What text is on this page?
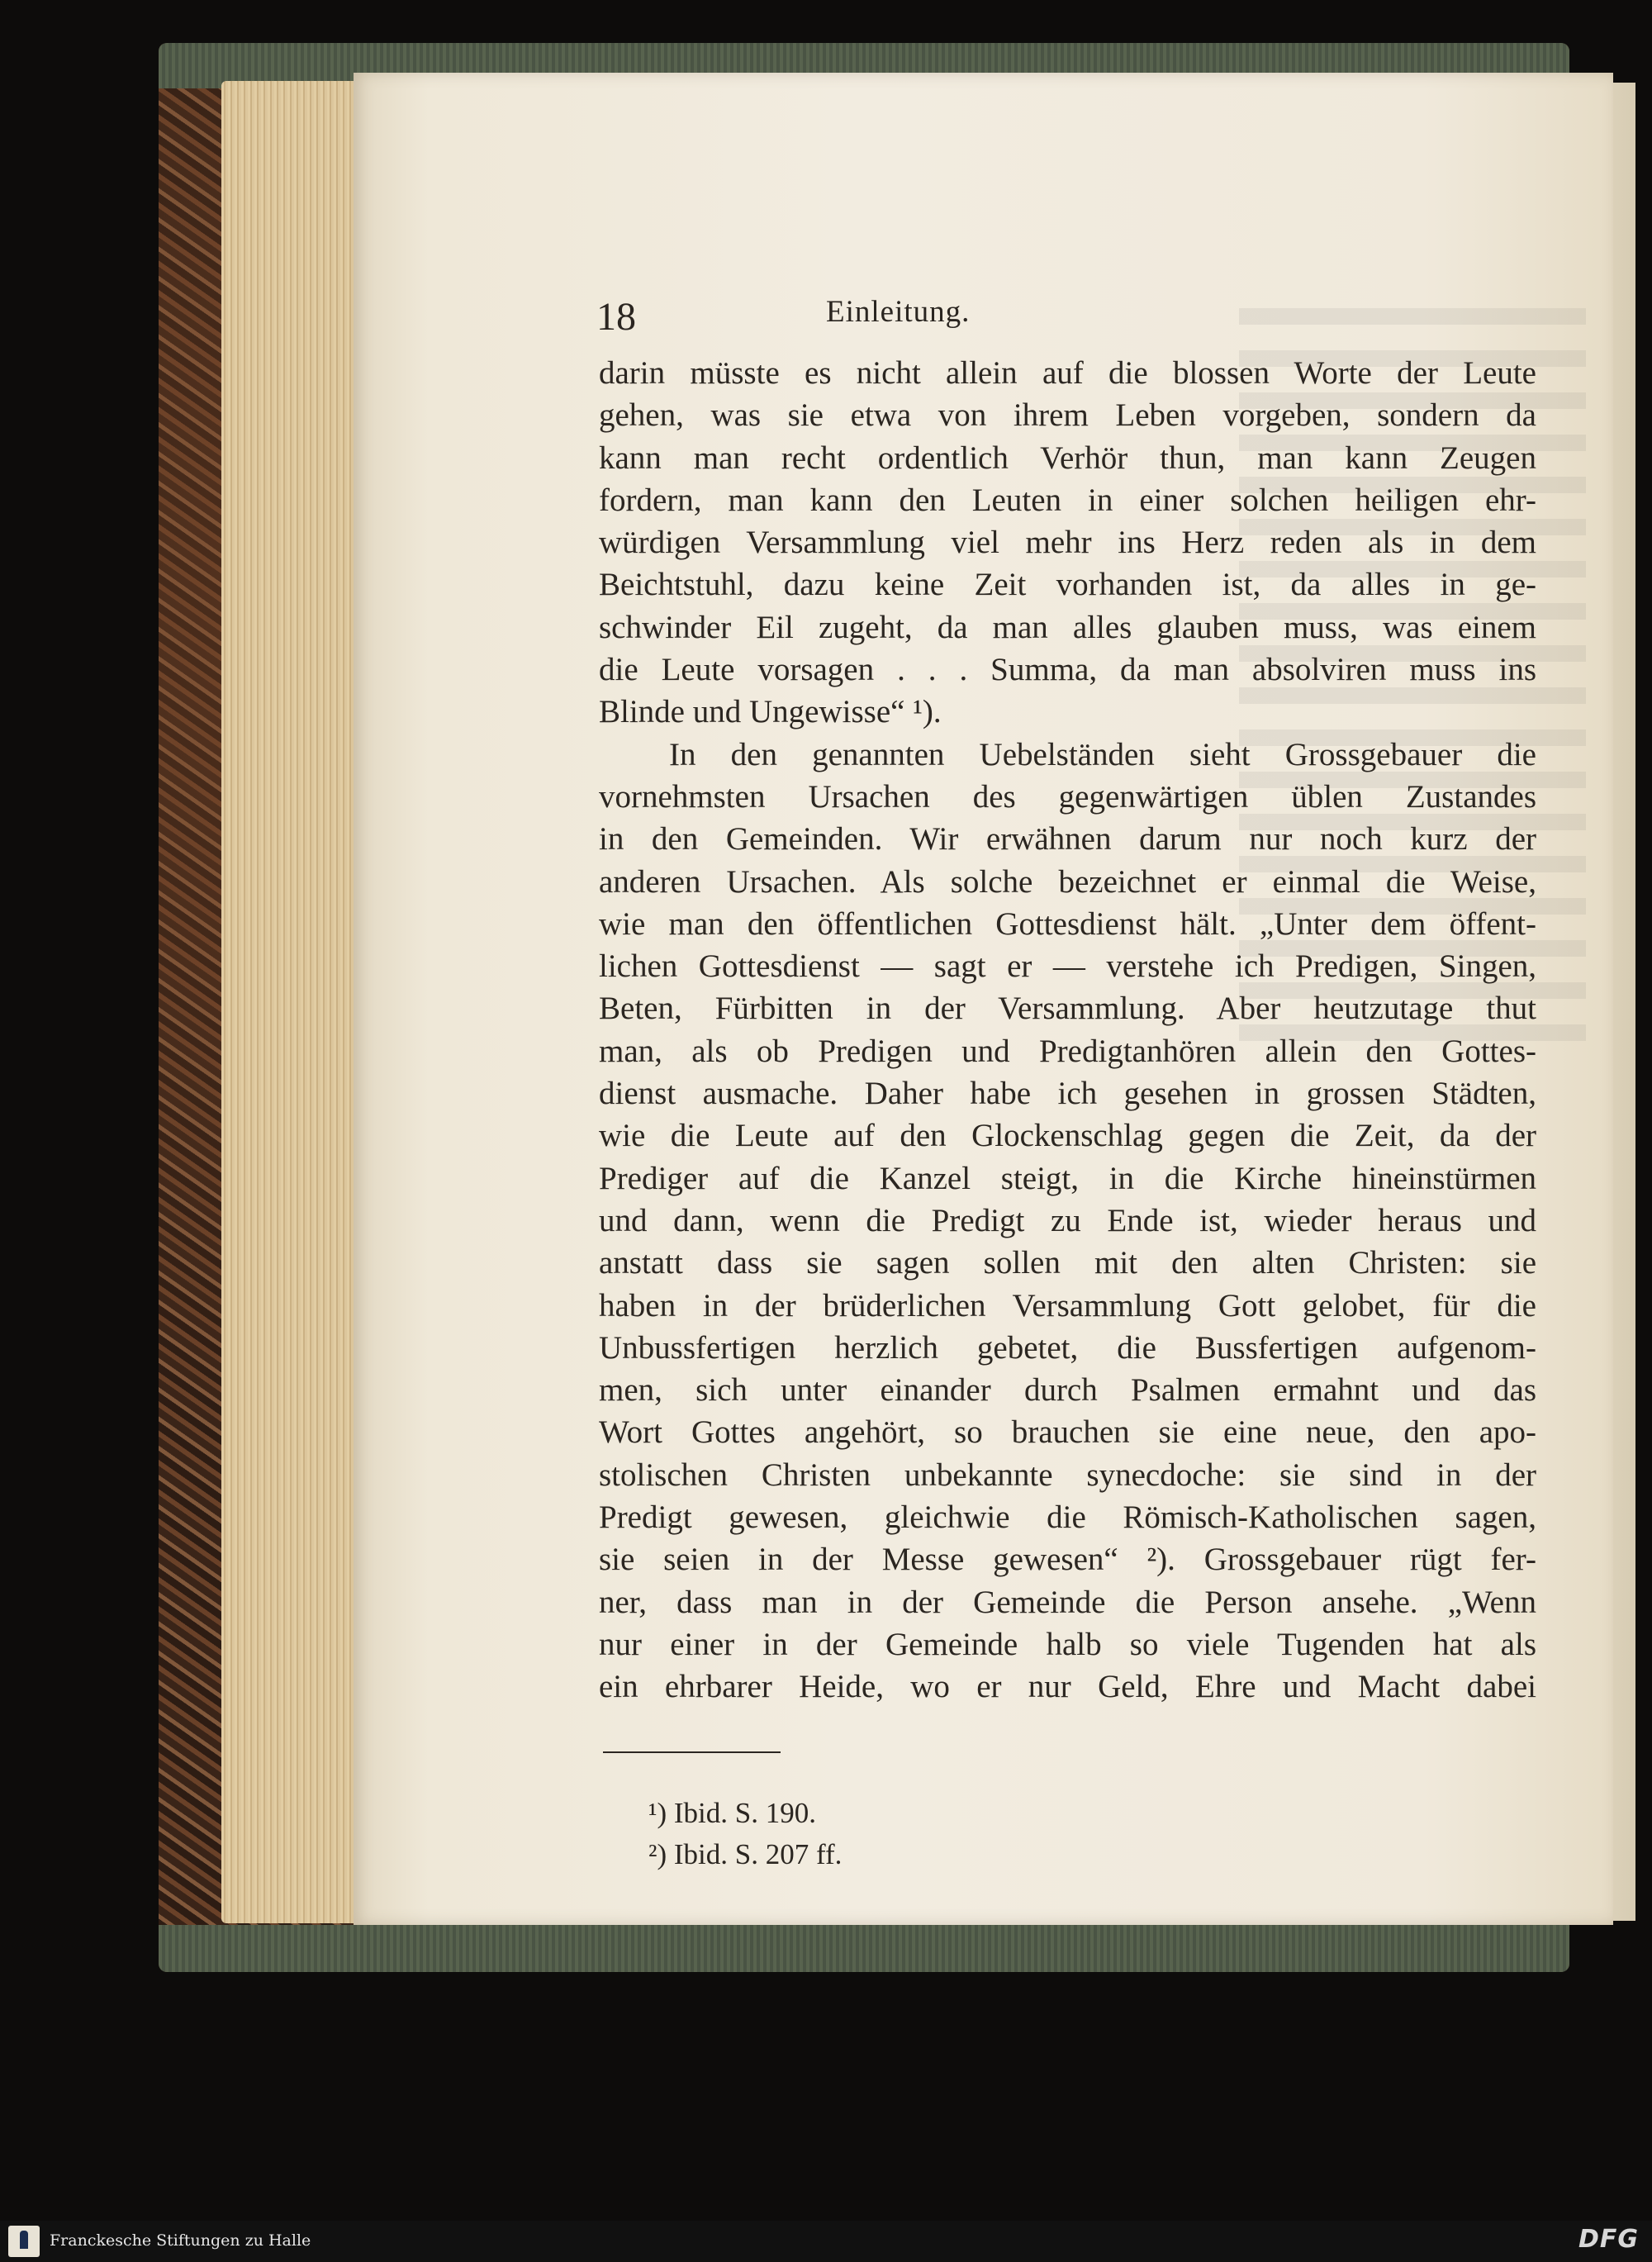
18	Einleitung.
darin müsste es nicht allein auf die blossen Worte der Leute
gehen, was sie etwa von ihrem Leben vorgeben, sondern da
kann man recht ordentlich Verhör thun, man kann Zeugen
fordern, man kann den Leuten in einer solchen heiligen ehr-
würdigen Versammlung viel mehr ins Herz reden als in dem
Beichtstuhl, dazu keine Zeit vorhanden ist, da alles in ge-
schwinder Eil zugeht, da man alles glauben muss, was einem
die Leute vorsagen . . . Summa, da man absolviren muss ins
Blinde und Ungewisse“ ¹).
In den genannten Uebelständen sieht Grossgebauer die
vornehmsten Ursachen des gegenwärtigen üblen Zustandes
in den Gemeinden. Wir erwähnen darum nur noch kurz der
anderen Ursachen. Als solche bezeichnet er einmal die Weise,
wie man den öffentlichen Gottesdienst hält. „Unter dem öffent-
lichen Gottesdienst — sagt er — verstehe ich Predigen, Singen,
Beten, Fürbitten in der Versammlung. Aber heutzutage thut
man, als ob Predigen und Predigtanhören allein den Gottes-
dienst ausmache. Daher habe ich gesehen in grossen Städten,
wie die Leute auf den Glockenschlag gegen die Zeit, da der
Prediger auf die Kanzel steigt, in die Kirche hineinstürmen
und dann, wenn die Predigt zu Ende ist, wieder heraus und
anstatt dass sie sagen sollen mit den alten Christen: sie
haben in der brüderlichen Versammlung Gott gelobet, für die
Unbussfertigen herzlich gebetet, die Bussfertigen aufgenom-
men, sich unter einander durch Psalmen ermahnt und das
Wort Gottes angehört, so brauchen sie eine neue, den apo-
stolischen Christen unbekannte synecdoche: sie sind in der
Predigt gewesen, gleichwie die Römisch-Katholischen sagen,
sie seien in der Messe gewesen“ ²). Grossgebauer rügt fer-
ner, dass man in der Gemeinde die Person ansehe. „Wenn
nur einer in der Gemeinde halb so viele Tugenden hat als
ein ehrbarer Heide, wo er nur Geld, Ehre und Macht dabei
¹) Ibid. S. 190.
²) Ibid. S. 207 ff.
Franckesche Stiftungen zu Halle	DFG
